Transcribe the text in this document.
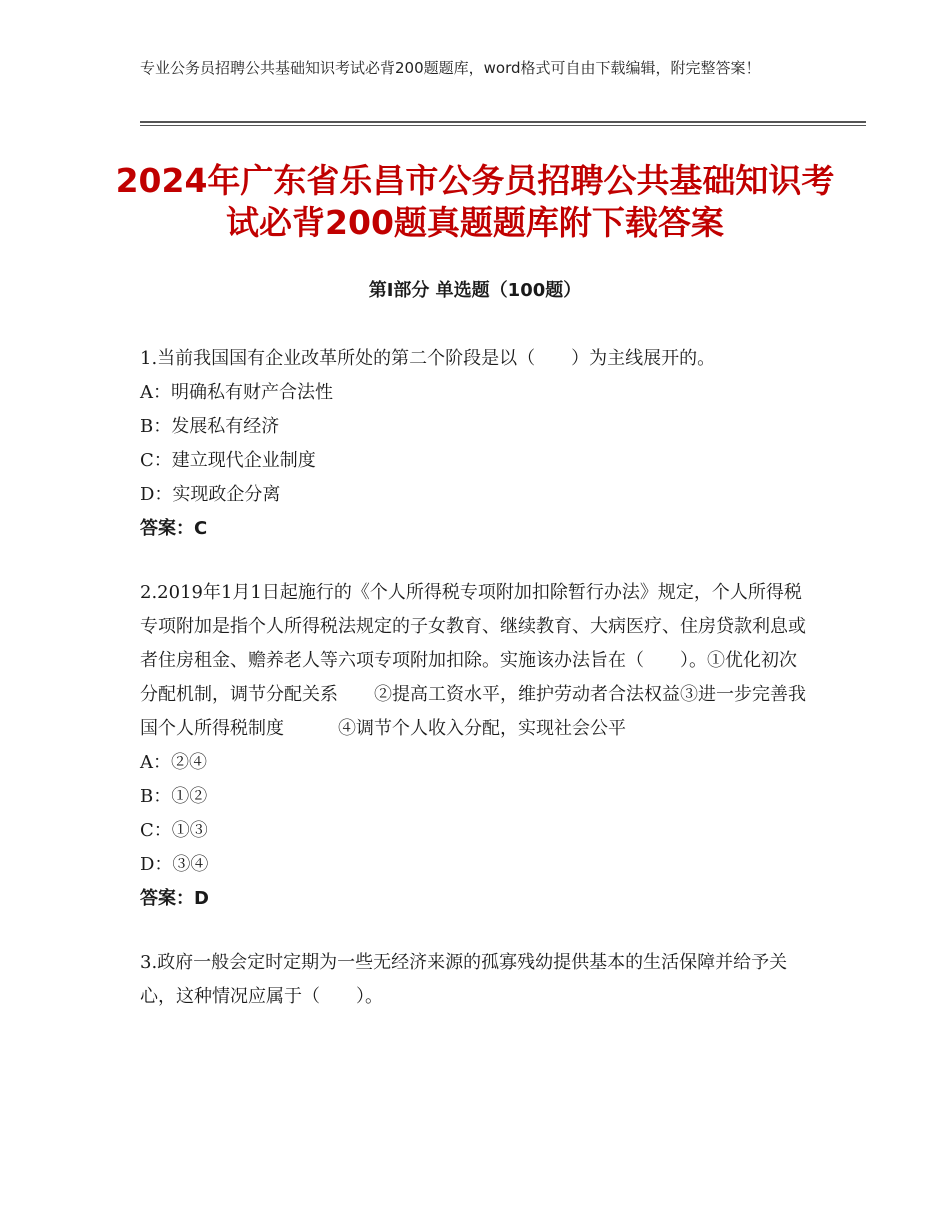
专业公务员招聘公共基础知识考试必背200题题库，word格式可自由下载编辑，附完整答案！
2024年广东省乐昌市公务员招聘公共基础知识考试必背200题真题题库附下载答案
第Ⅰ部分 单选题（100题）

1.当前我国国有企业改革所处的第二个阶段是以（　　）为主线展开的。

A：明确私有财产合法性

B：发展私有经济

C：建立现代企业制度

D：实现政企分离

答案：C

2.2019年1月1日起施行的《个人所得税专项附加扣除暂行办法》规定，个人所得税专项附加是指个人所得税法规定的子女教育、继续教育、大病医疗、住房贷款利息或者住房租金、赡养老人等六项专项附加扣除。实施该办法旨在（　　）。①优化初次分配机制，调节分配关系　　②提高工资水平，维护劳动者合法权益③进一步完善我国个人所得税制度　　　④调节个人收入分配，实现社会公平

A：②④

B：①②

C：①③

D：③④

答案：D

3.政府一般会定时定期为一些无经济来源的孤寡残幼提供基本的生活保障并给予关心，这种情况应属于（　　）。
